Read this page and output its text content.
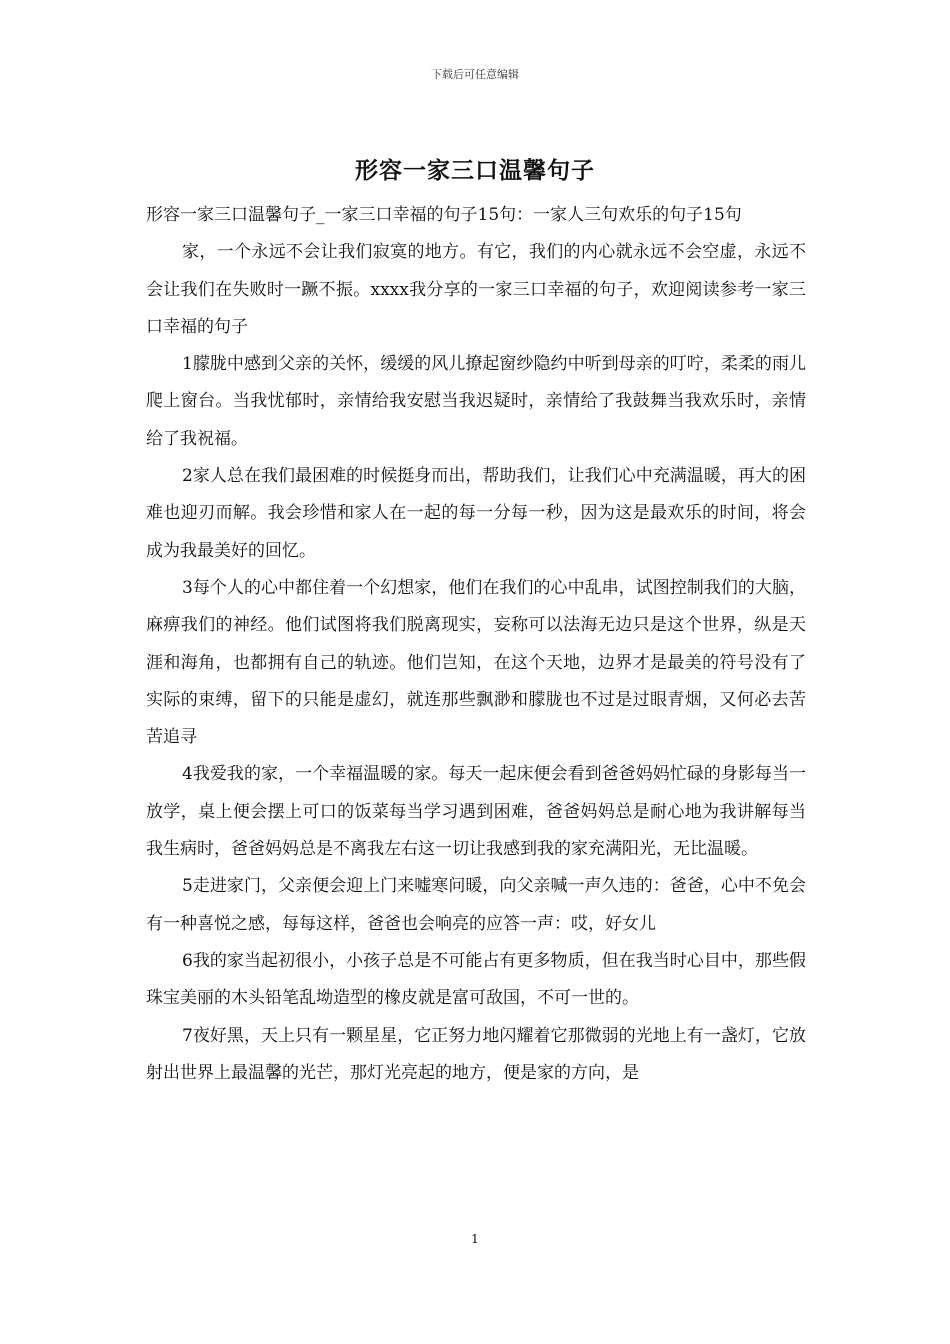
下载后可任意编辑
形容一家三口温馨句子

形容一家三口温馨句子_一家三口幸福的句子15句：一家人三句欢乐的句子15句

家，一个永远不会让我们寂寞的地方。有它，我们的内心就永远不会空虚，永远不会让我们在失败时一蹶不振。xxxx我分享的一家三口幸福的句子，欢迎阅读参考一家三口幸福的句子

1朦胧中感到父亲的关怀，缓缓的风儿撩起窗纱隐约中听到母亲的叮咛，柔柔的雨儿爬上窗台。当我忧郁时，亲情给我安慰当我迟疑时，亲情给了我鼓舞当我欢乐时，亲情给了我祝福。

2家人总在我们最困难的时候挺身而出，帮助我们，让我们心中充满温暖，再大的困难也迎刃而解。我会珍惜和家人在一起的每一分每一秒，因为这是最欢乐的时间，将会成为我最美好的回忆。

3每个人的心中都住着一个幻想家，他们在我们的心中乱串，试图控制我们的大脑，麻痹我们的神经。他们试图将我们脱离现实，妄称可以法海无边只是这个世界，纵是天涯和海角，也都拥有自己的轨迹。他们岂知，在这个天地，边界才是最美的符号没有了实际的束缚，留下的只能是虚幻，就连那些飘渺和朦胧也不过是过眼青烟，又何必去苦苦追寻

4我爱我的家，一个幸福温暖的家。每天一起床便会看到爸爸妈妈忙碌的身影每当一放学，桌上便会摆上可口的饭菜每当学习遇到困难，爸爸妈妈总是耐心地为我讲解每当我生病时，爸爸妈妈总是不离我左右这一切让我感到我的家充满阳光，无比温暖。

5走进家门，父亲便会迎上门来嘘寒问暖，向父亲喊一声久违的：爸爸，心中不免会有一种喜悦之感，每每这样，爸爸也会响亮的应答一声：哎，好女儿

6我的家当起初很小，小孩子总是不可能占有更多物质，但在我当时心目中，那些假珠宝美丽的木头铅笔乱坳造型的橡皮就是富可敌国，不可一世的。

7夜好黑，天上只有一颗星星，它正努力地闪耀着它那微弱的光地上有一盏灯，它放射出世界上最温馨的光芒，那灯光亮起的地方，便是家的方向，是

1
